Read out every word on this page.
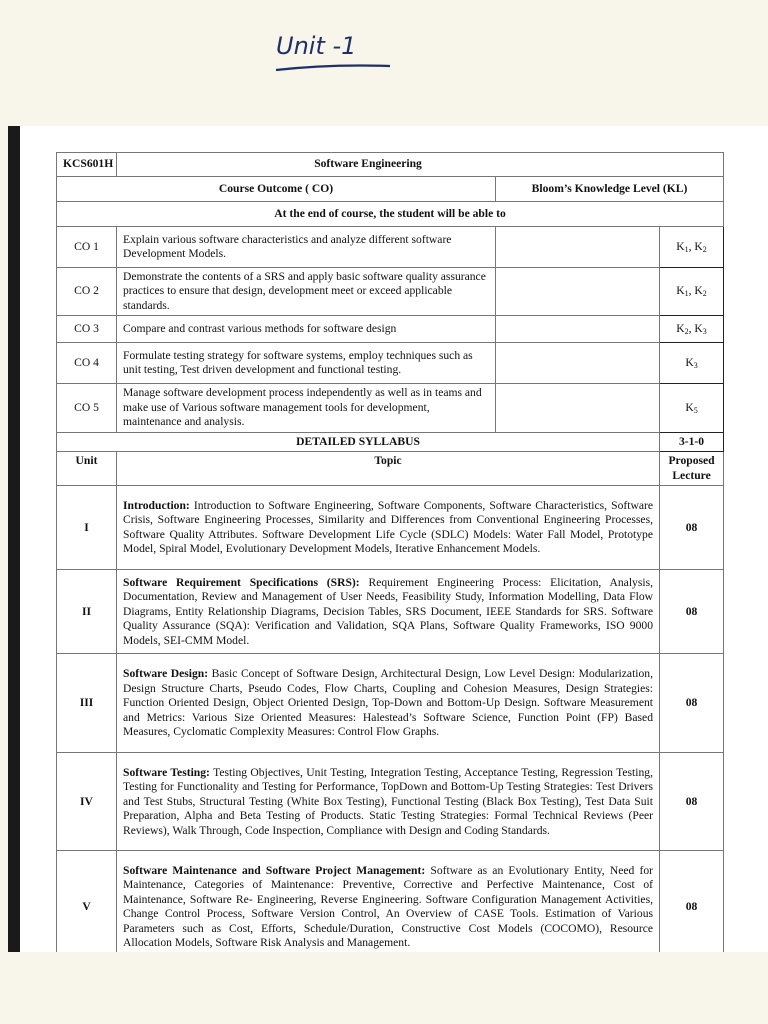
Unit -1
KCS601H	Software Engineering		
Course Outcome ( CO)		Bloom’s Knowledge Level (KL)	
At the end of course, the student will be able to			
CO 1	Explain various software characteristics and analyze different software Development Models.		$K_1$, $K_2$
CO 2	Demonstrate the contents of a SRS and apply basic software quality assurance practices to ensure that design, development meet or exceed applicable standards.		$K_1$, $K_2$
CO 3	Compare and contrast various methods for software design		$K_2$, $K_3$
CO 4	Formulate testing strategy for software systems, employ techniques such as unit testing, Test driven development and functional testing.		$K_3$
CO 5	Manage software development process independently as well as in teams and make use of Various software management tools for development, maintenance and analysis.		$K_5$
DETAILED SYLLABUS			3-1-0
Unit	Topic		Proposed Lecture
I	Introduction: Introduction to Software Engineering, Software Components, Software Characteristics, Software Crisis, Software Engineering Processes, Similarity and Differences from Conventional Engineering Processes, Software Quality Attributes. Software Development Life Cycle (SDLC) Models: Water Fall Model, Prototype Model, Spiral Model, Evolutionary Development Models, Iterative Enhancement Models.		08
II	Software Requirement Specifications (SRS): Requirement Engineering Process: Elicitation, Analysis, Documentation, Review and Management of User Needs, Feasibility Study, Information Modelling, Data Flow Diagrams, Entity Relationship Diagrams, Decision Tables, SRS Document, IEEE Standards for SRS. Software Quality Assurance (SQA): Verification and Validation, SQA Plans, Software Quality Frameworks, ISO 9000 Models, SEI-CMM Model.		08
III	Software Design: Basic Concept of Software Design, Architectural Design, Low Level Design: Modularization, Design Structure Charts, Pseudo Codes, Flow Charts, Coupling and Cohesion Measures, Design Strategies: Function Oriented Design, Object Oriented Design, Top-Down and Bottom-Up Design. Software Measurement and Metrics: Various Size Oriented Measures: Halestead’s Software Science, Function Point (FP) Based Measures, Cyclomatic Complexity Measures: Control Flow Graphs.		08
IV	Software Testing: Testing Objectives, Unit Testing, Integration Testing, Acceptance Testing, Regression Testing, Testing for Functionality and Testing for Performance, TopDown and Bottom-Up Testing Strategies: Test Drivers and Test Stubs, Structural Testing (White Box Testing), Functional Testing (Black Box Testing), Test Data Suit Preparation, Alpha and Beta Testing of Products. Static Testing Strategies: Formal Technical Reviews (Peer Reviews), Walk Through, Code Inspection, Compliance with Design and Coding Standards.		08
V	Software Maintenance and Software Project Management: Software as an Evolutionary Entity, Need for Maintenance, Categories of Maintenance: Preventive, Corrective and Perfective Maintenance, Cost of Maintenance, Software Re- Engineering, Reverse Engineering. Software Configuration Management Activities, Change Control Process, Software Version Control, An Overview of CASE Tools. Estimation of Various Parameters such as Cost, Efforts, Schedule/Duration, Constructive Cost Models (COCOMO), Resource Allocation Models, Software Risk Analysis and Management.		08
